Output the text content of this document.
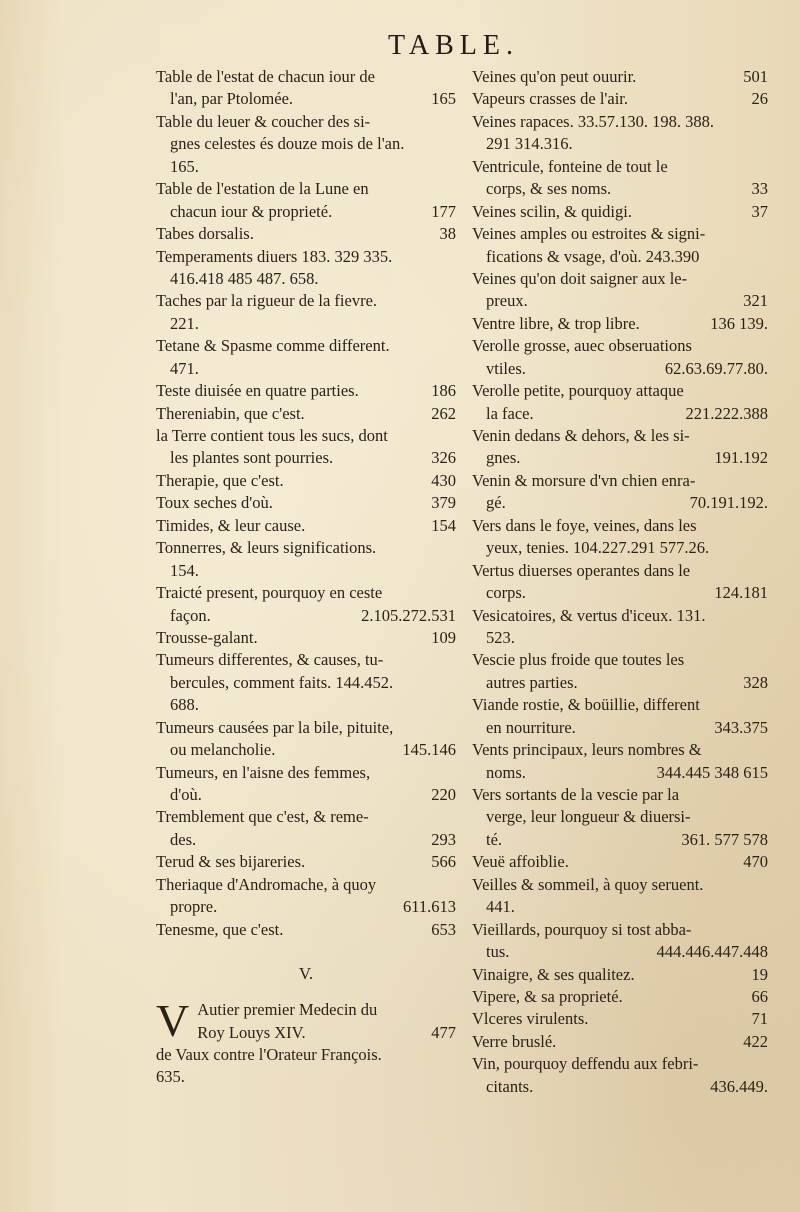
TABLE.
Table de l'estat de chacun iour de
l'an, par Ptolomée.	165
Table du leuer & coucher des si-
gnes celestes és douze mois de l'an.
165.
Table de l'estation de la Lune en
chacun iour & proprieté.	177
Tabes dorsalis.	38
Temperaments diuers 183. 329 335.
416.418 485 487. 658.
Taches par la rigueur de la fievre.
221.
Tetane & Spasme comme different.
471.
Teste diuisée en quatre parties.	186
Thereniabin, que c'est.	262
la Terre contient tous les sucs, dont
les plantes sont pourries.	326
Therapie, que c'est.	430
Toux seches d'où.	379
Timides, & leur cause.	154
Tonnerres, & leurs significations.
154.
Traicté present, pourquoy en ceste
façon.	2.105.272.531
Trousse-galant.	109
Tumeurs differentes, & causes, tu-
bercules, comment faits. 144.452.
688.
Tumeurs causées par la bile, pituite,
ou melancholie.	145.146
Tumeurs, en l'aisne des femmes,
d'où.	220
Tremblement que c'est, & reme-
des.	293
Terud & ses bijareries.	566
Theriaque d'Andromache, à quoy
propre.	611.613
Tenesme, que c'est.	653
V.
V Autier premier Medecin du
Roy Louys XIV.	477
de Vaux contre l'Orateur François.
635.
Veines qu'on peut ouurir.	501
Vapeurs crasses de l'air.	26
Veines rapaces. 33.57.130. 198. 388.
291 314.316.
Ventricule, fonteine de tout le
corps, & ses noms.	33
Veines scilin, & quidigi.	37
Veines amples ou estroites & signi-
fications & vsage, d'où. 243.390
Veines qu'on doit saigner aux le-
preux.	321
Ventre libre, & trop libre.	136 139.
Verolle grosse, auec obseruations
vtiles.	62.63.69.77.80.
Verolle petite, pourquoy attaque
la face.	221.222.388
Venin dedans & dehors, & les si-
gnes.	191.192
Venin & morsure d'vn chien enra-
gé.	70.191.192.
Vers dans le foye, veines, dans les
yeux, tenies. 104.227.291 577.26.
Vertus diuerses operantes dans le
corps.	124.181
Vesicatoires, & vertus d'iceux. 131.
523.
Vescie plus froide que toutes les
autres parties.	328
Viande rostie, & boüillie, different
en nourriture.	343.375
Vents principaux, leurs nombres &
noms.	344.445 348 615
Vers sortants de la vescie par la
verge, leur longueur & diuersi-
té.	361. 577 578
Veuë affoiblie.	470
Veilles & sommeil, à quoy seruent.
441.
Vieillards, pourquoy si tost abba-
tus.	444.446.447.448
Vinaigre, & ses qualitez.	19
Vipere, & sa proprieté.	66
Vlceres virulents.	71
Verre bruslé.	422
Vin, pourquoy deffendu aux febri-
citants.	436.449.
